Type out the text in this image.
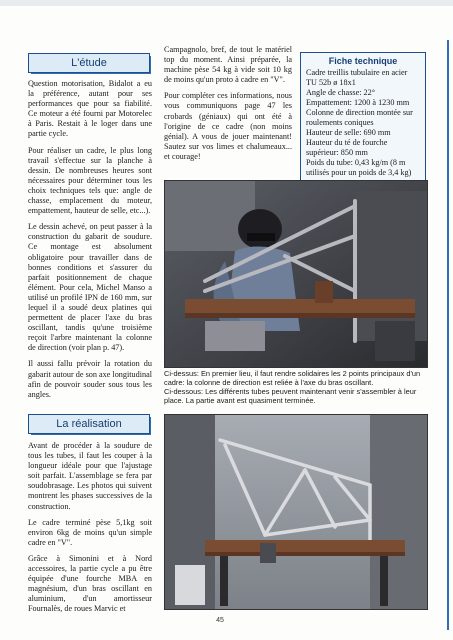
L'étude

Question motorisation, Bidalot a eu la préférence, autant pour ses performances que pour sa fiabilité. Ce moteur a été fourni par Motorelec à Paris. Restait à le loger dans une partie cycle.

Pour réaliser un cadre, le plus long travail s'effectue sur la planche à dessin. De nombreuses heures sont nécessaires pour déterminer tous les choix techniques tels que: angle de chasse, emplacement du moteur, empattement, hauteur de selle, etc...).

Le dessin achevé, on peut passer à la construction du gabarit de soudure. Ce montage est absolument obligatoire pour travailler dans de bonnes conditions et s'assurer du parfait positionnement de chaque élément. Pour cela, Michel Manso a utilisé un profilé IPN de 160 mm, sur lequel il a soudé deux platines qui permettent de placer l'axe du bras oscillant, tandis qu'une troisième reçoit l'arbre maintenant la colonne de direction (voir plan p. 47).

Il aussi fallu prévoir la rotation du gabarit autour de son axe longitudinal afin de pouvoir souder sous tous les angles.

La réalisation

Avant de procéder à la soudure de tous les tubes, il faut les couper à la longueur idéale pour que l'ajustage soit parfait. L'assemblage se fera par soudobrasage. Les photos qui suivent montrent les phases successives de la construction.

Le cadre terminé pèse 5,1kg soit environ 6kg de moins qu'un simple cadre en "V".

Grâce à Simonini et à Nord accessoires, la partie cycle a pu être équipée d'une fourche MBA en magnésium, d'un bras oscillant en aluminium, d'un amortisseur Fournalès, de roues Marvic et

Campagnolo, bref, de tout le matériel top du moment. Ainsi préparée, la machine pèse 54 kg à vide soit 10 kg de moins qu'un proto à cadre en "V".

Pour compléter ces informations, nous vous communiquons page 47 les crobards (géniaux) qui ont été à l'origine de ce cadre (non moins génial). A vous de jouer maintenant! Sautez sur vos limes et chalumeaux... et courage!

Fiche technique
Cadre treillis tubulaire en acier TU 52b ø 18x1
Angle de chasse: 22°
Empattement: 1200 à 1230 mm
Colonne de direction montée sur roulements coniques
Hauteur de selle: 690 mm
Hauteur du té de fourche supérieur: 850 mm
Poids du tube: 0,43 kg/m (8 m utilisés pour un poids de 3,4 kg)
Ci-dessus: En premier lieu, il faut rendre solidaires les 2 points principaux d'un cadre: la colonne de direction est reliée à l'axe du bras oscillant.
Ci-dessous: Les différents tubes peuvent maintenant venir s'assembler à leur place. La partie avant est quasiment terminée.
45
